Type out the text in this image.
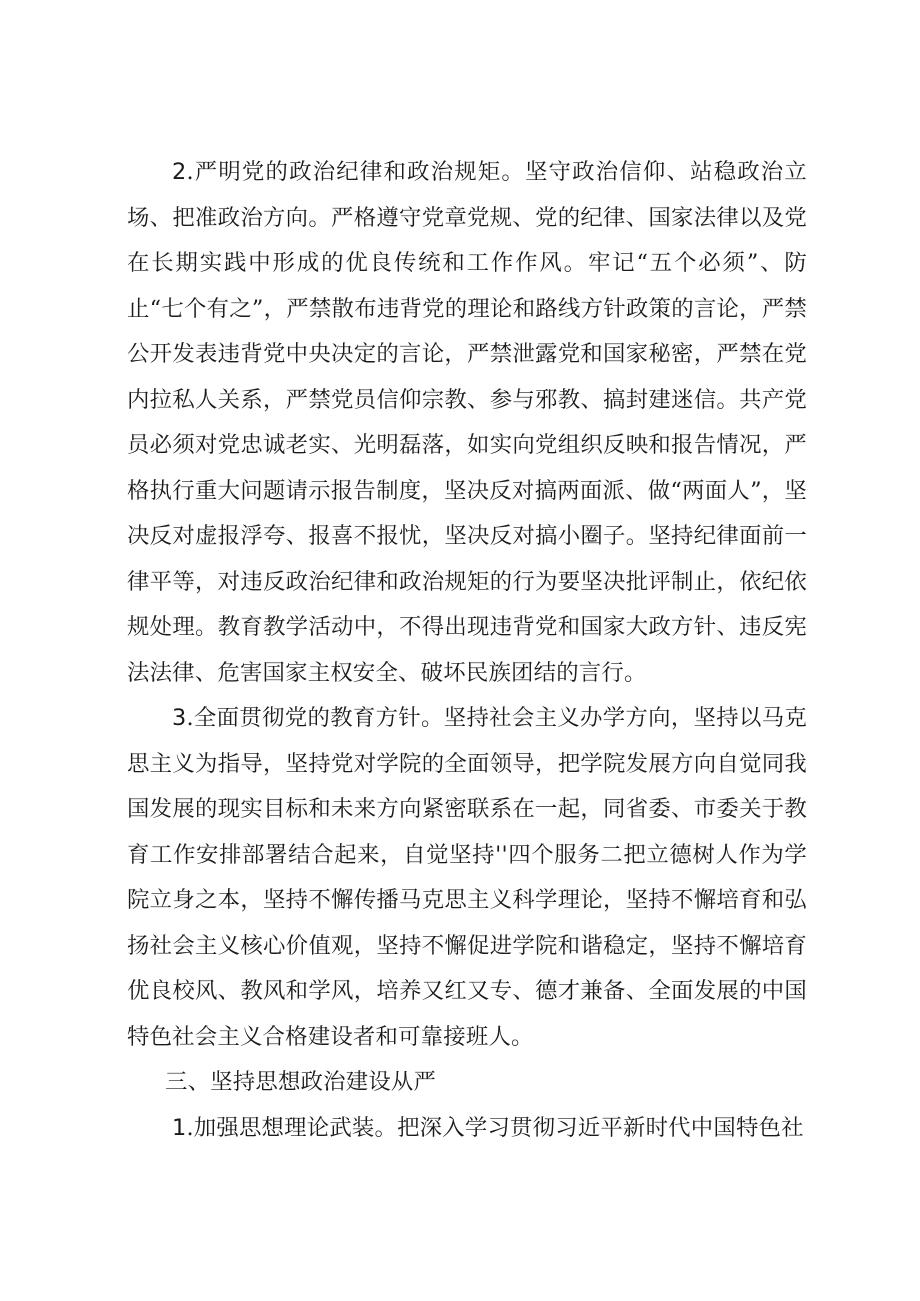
2.严明党的政治纪律和政治规矩。坚守政治信仰、站稳政治立场、把准政治方向。严格遵守党章党规、党的纪律、国家法律以及党在长期实践中形成的优良传统和工作作风。牢记“五个必须”、防止“七个有之”，严禁散布违背党的理论和路线方针政策的言论，严禁公开发表违背党中央决定的言论，严禁泄露党和国家秘密，严禁在党内拉私人关系，严禁党员信仰宗教、参与邪教、搞封建迷信。共产党员必须对党忠诚老实、光明磊落，如实向党组织反映和报告情况，严格执行重大问题请示报告制度，坚决反对搞两面派、做“两面人”，坚决反对虚报浮夸、报喜不报忧，坚决反对搞小圈子。坚持纪律面前一律平等，对违反政治纪律和政治规矩的行为要坚决批评制止，依纪依规处理。教育教学活动中，不得出现违背党和国家大政方针、违反宪法法律、危害国家主权安全、破坏民族团结的言行。

3.全面贯彻党的教育方针。坚持社会主义办学方向，坚持以马克思主义为指导，坚持党对学院的全面领导，把学院发展方向自觉同我国发展的现实目标和未来方向紧密联系在一起，同省委、市委关于教育工作安排部署结合起来，自觉坚持''四个服务二把立德树人作为学院立身之本，坚持不懈传播马克思主义科学理论，坚持不懈培育和弘扬社会主义核心价值观，坚持不懈促进学院和谐稳定，坚持不懈培育优良校风、教风和学风，培养又红又专、德才兼备、全面发展的中国特色社会主义合格建设者和可靠接班人。

三、坚持思想政治建设从严

1.加强思想理论武装。把深入学习贯彻习近平新时代中国特色社
